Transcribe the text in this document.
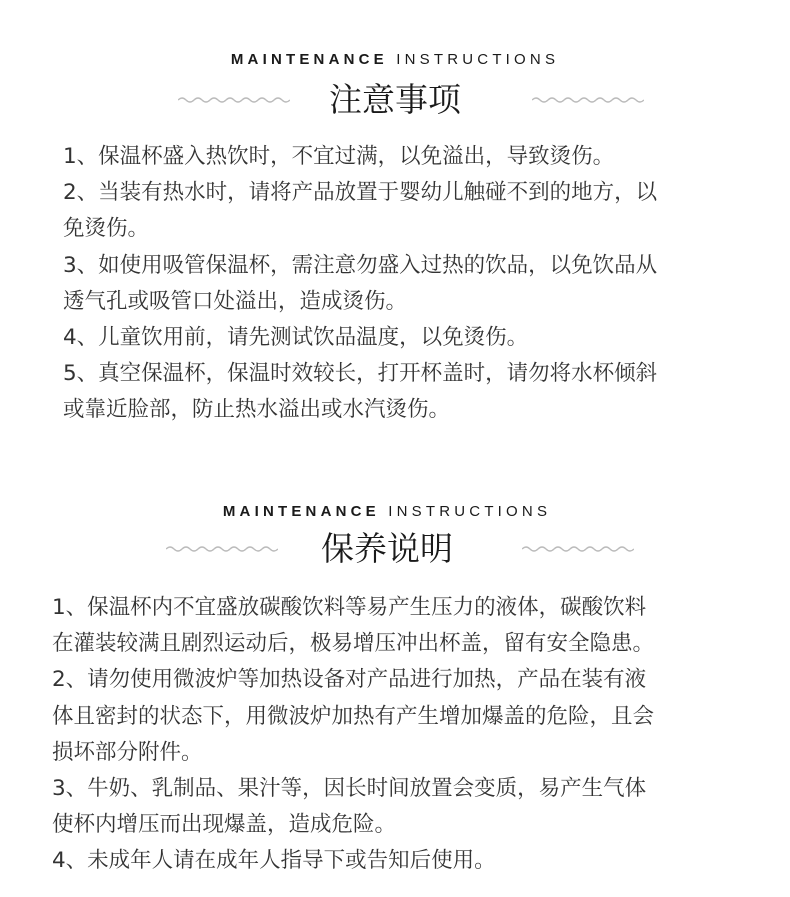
MAINTENANCE INSTRUCTIONS
注意事项
1、保温杯盛入热饮时，不宜过满，以免溢出，导致烫伤。
2、当装有热水时，请将产品放置于婴幼儿触碰不到的地方，以
免烫伤。
3、如使用吸管保温杯，需注意勿盛入过热的饮品，以免饮品从
透气孔或吸管口处溢出，造成烫伤。
4、儿童饮用前，请先测试饮品温度，以免烫伤。
5、真空保温杯，保温时效较长，打开杯盖时，请勿将水杯倾斜
或靠近脸部，防止热水溢出或水汽烫伤。
MAINTENANCE INSTRUCTIONS
保养说明
1、保温杯内不宜盛放碳酸饮料等易产生压力的液体，碳酸饮料
在灌装较满且剧烈运动后，极易增压冲出杯盖，留有安全隐患。
2、请勿使用微波炉等加热设备对产品进行加热，产品在装有液
体且密封的状态下，用微波炉加热有产生增加爆盖的危险，且会
损坏部分附件。
3、牛奶、乳制品、果汁等，因长时间放置会变质，易产生气体
使杯内增压而出现爆盖，造成危险。
4、未成年人请在成年人指导下或告知后使用。
